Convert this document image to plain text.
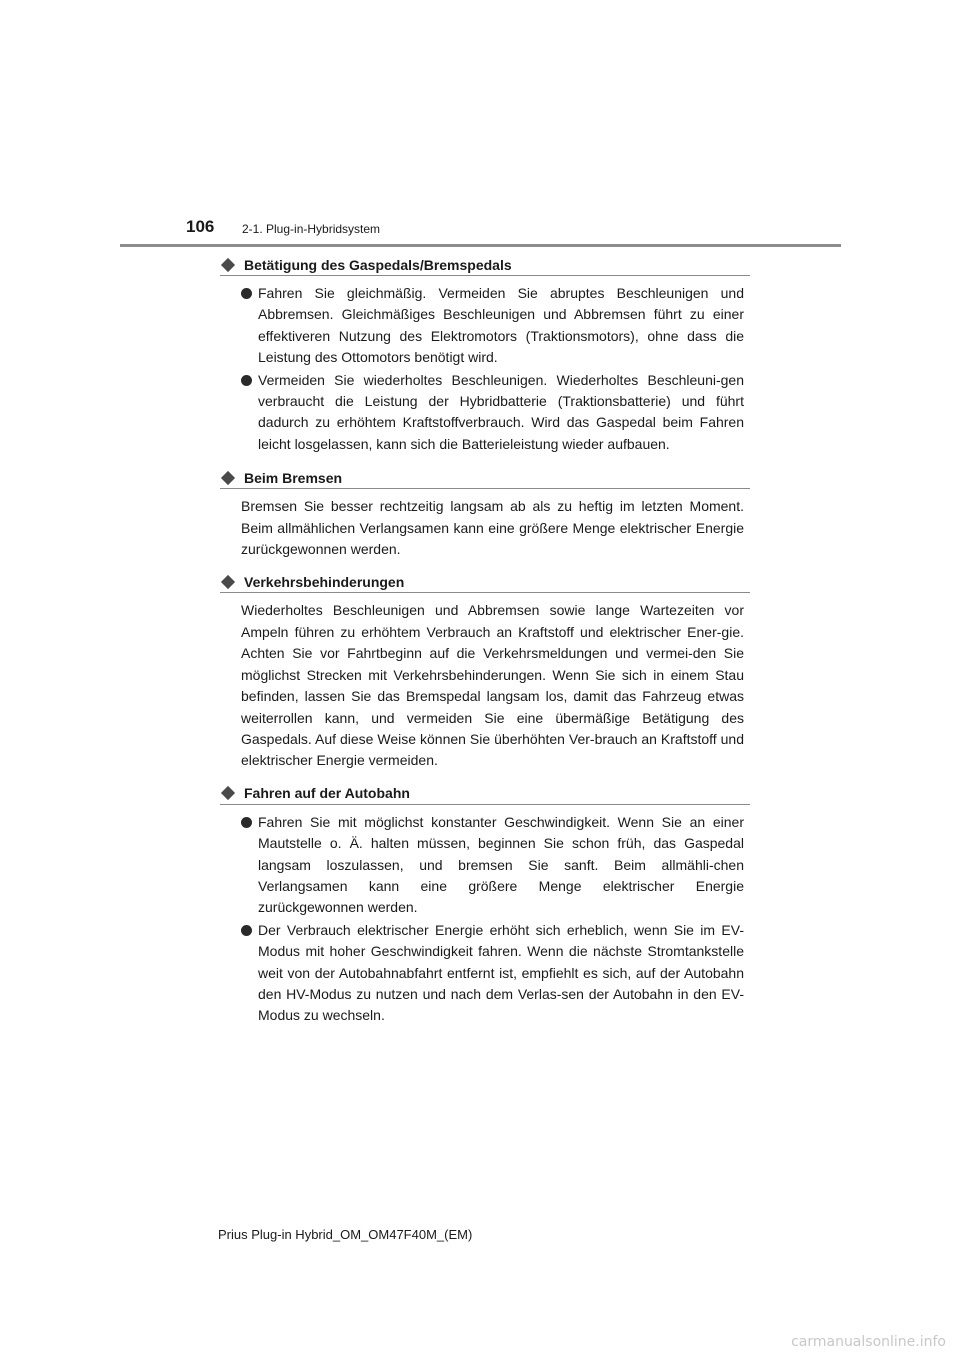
106 2-1. Plug-in-Hybridsystem
Betätigung des Gaspedals/Bremspedals
Fahren Sie gleichmäßig. Vermeiden Sie abruptes Beschleunigen und Abbremsen. Gleichmäßiges Beschleunigen und Abbremsen führt zu einer effektiveren Nutzung des Elektromotors (Traktionsmotors), ohne dass die Leistung des Ottomotors benötigt wird.
Vermeiden Sie wiederholtes Beschleunigen. Wiederholtes Beschleuni-gen verbraucht die Leistung der Hybridbatterie (Traktionsbatterie) und führt dadurch zu erhöhtem Kraftstoffverbrauch. Wird das Gaspedal beim Fahren leicht losgelassen, kann sich die Batterieleistung wieder aufbauen.
Beim Bremsen

Bremsen Sie besser rechtzeitig langsam ab als zu heftig im letzten Moment. Beim allmählichen Verlangsamen kann eine größere Menge elektrischer Energie zurückgewonnen werden.

Verkehrsbehinderungen

Wiederholtes Beschleunigen und Abbremsen sowie lange Wartezeiten vor Ampeln führen zu erhöhtem Verbrauch an Kraftstoff und elektrischer Ener-gie. Achten Sie vor Fahrtbeginn auf die Verkehrsmeldungen und vermei-den Sie möglichst Strecken mit Verkehrsbehinderungen. Wenn Sie sich in einem Stau befinden, lassen Sie das Bremspedal langsam los, damit das Fahrzeug etwas weiterrollen kann, und vermeiden Sie eine übermäßige Betätigung des Gaspedals. Auf diese Weise können Sie überhöhten Ver-brauch an Kraftstoff und elektrischer Energie vermeiden.

Fahren auf der Autobahn
Fahren Sie mit möglichst konstanter Geschwindigkeit. Wenn Sie an einer Mautstelle o. Ä. halten müssen, beginnen Sie schon früh, das Gaspedal langsam loszulassen, und bremsen Sie sanft. Beim allmähli-chen Verlangsamen kann eine größere Menge elektrischer Energie zurückgewonnen werden.
Der Verbrauch elektrischer Energie erhöht sich erheblich, wenn Sie im EV-Modus mit hoher Geschwindigkeit fahren. Wenn die nächste Stromtankstelle weit von der Autobahnabfahrt entfernt ist, empfiehlt es sich, auf der Autobahn den HV-Modus zu nutzen und nach dem Verlas-sen der Autobahn in den EV-Modus zu wechseln.
Prius Plug-in Hybrid_OM_OM47F40M_(EM)
carmanualsonline.info
